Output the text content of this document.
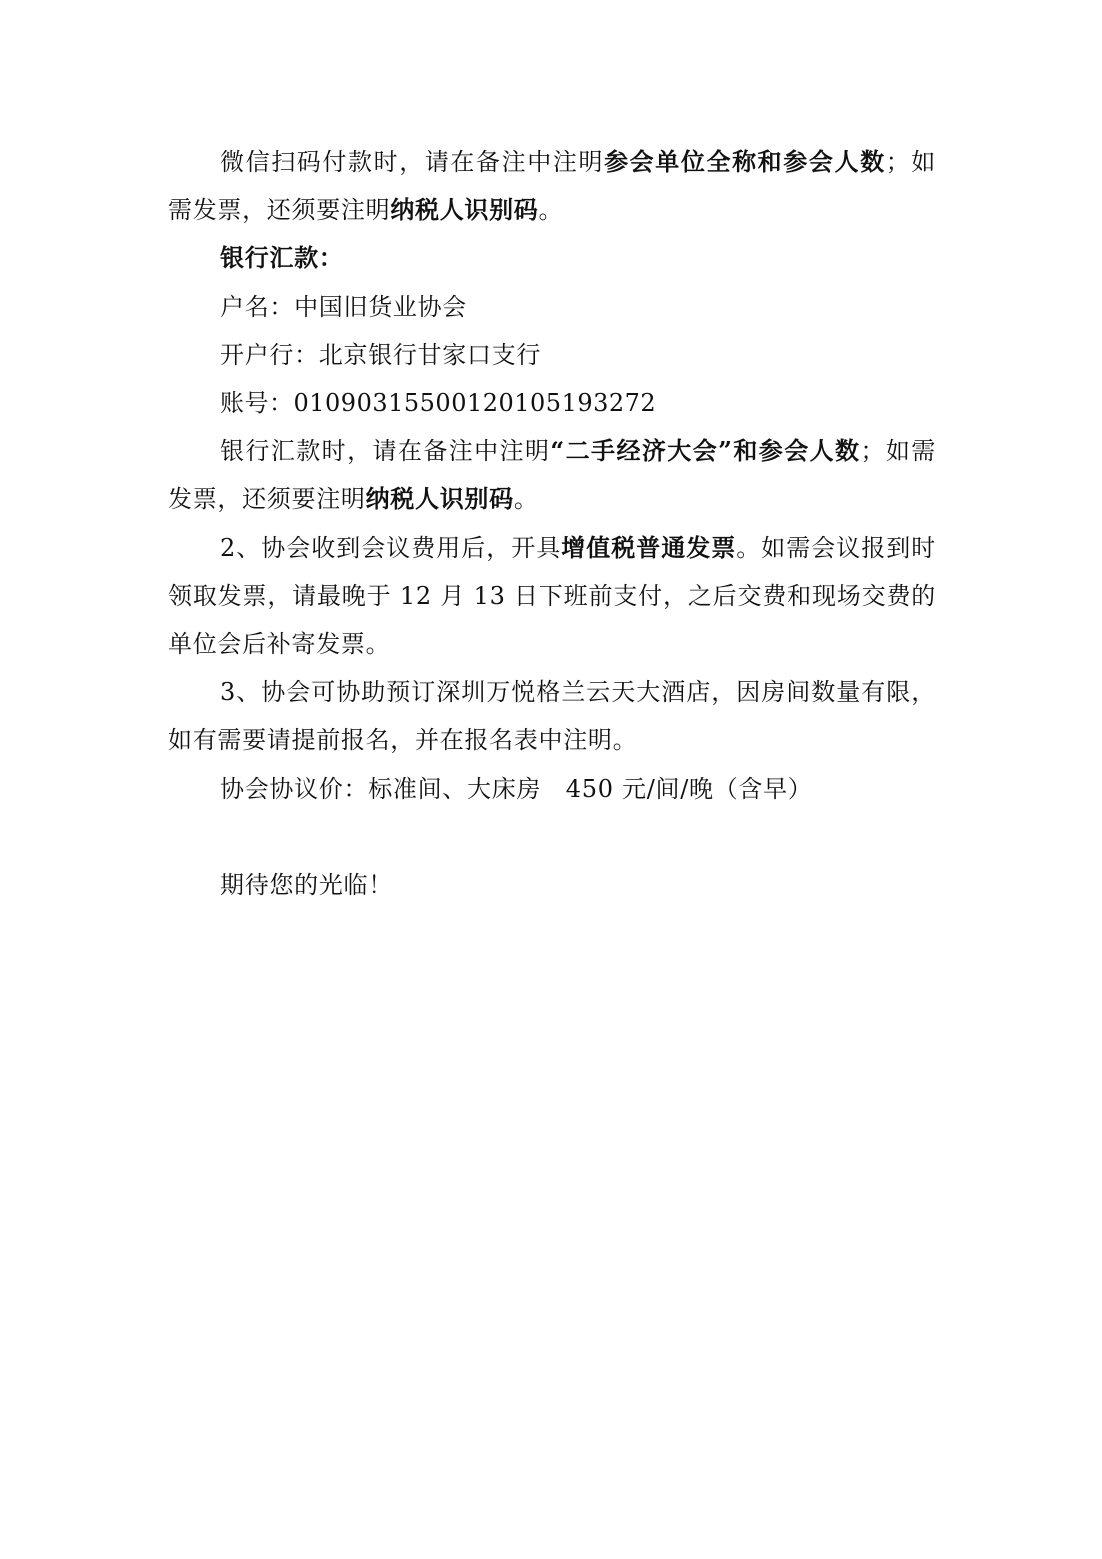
微信扫码付款时，请在备注中注明参会单位全称和参会人数；如需发票，还须要注明纳税人识别码。

银行汇款：

户名：中国旧货业协会

开户行：北京银行甘家口支行

账号：01090315500120105193272

银行汇款时，请在备注中注明“二手经济大会”和参会人数；如需发票，还须要注明纳税人识别码。

2、协会收到会议费用后，开具增值税普通发票。如需会议报到时领取发票，请最晚于 12 月 13 日下班前支付，之后交费和现场交费的单位会后补寄发票。

3、协会可协助预订深圳万悦格兰云天大酒店，因房间数量有限，如有需要请提前报名，并在报名表中注明。

协会协议价：标准间、大床房　450 元/间/晚（含早）

期待您的光临！
